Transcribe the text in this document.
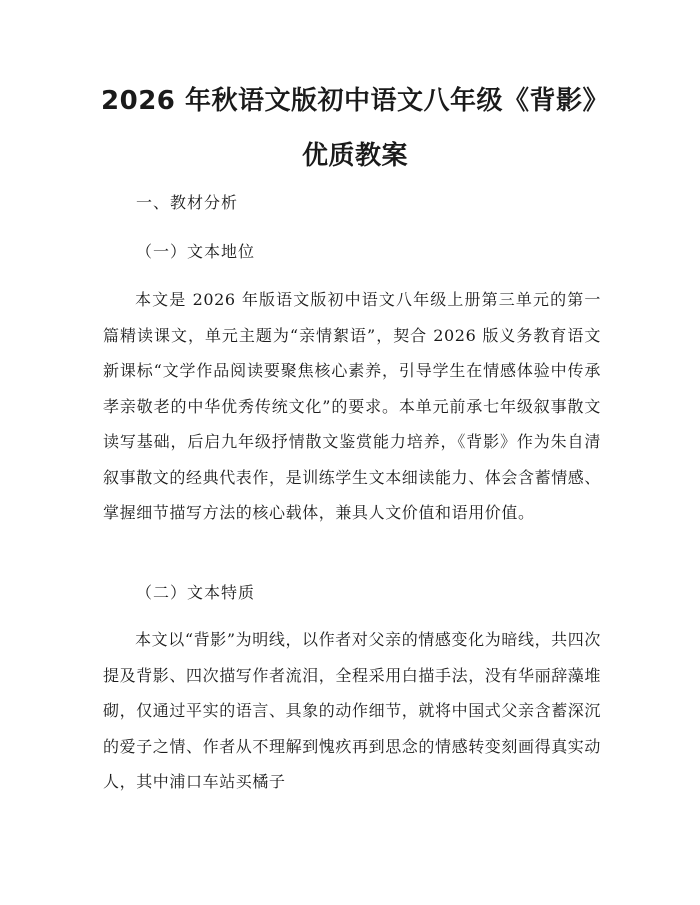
2026 年秋语文版初中语文八年级《背影》优质教案

一、教材分析

（一）文本地位

本文是 2026 年版语文版初中语文八年级上册第三单元的第一篇精读课文，单元主题为“亲情絮语”，契合 2026 版义务教育语文新课标“文学作品阅读要聚焦核心素养，引导学生在情感体验中传承孝亲敬老的中华优秀传统文化”的要求。本单元前承七年级叙事散文读写基础，后启九年级抒情散文鉴赏能力培养，《背影》作为朱自清叙事散文的经典代表作，是训练学生文本细读能力、体会含蓄情感、掌握细节描写方法的核心载体，兼具人文价值和语用价值。

（二）文本特质

本文以“背影”为明线，以作者对父亲的情感变化为暗线，共四次提及背影、四次描写作者流泪，全程采用白描手法，没有华丽辞藻堆砌，仅通过平实的语言、具象的动作细节，就将中国式父亲含蓄深沉的爱子之情、作者从不理解到愧疚再到思念的情感转变刻画得真实动人，其中浦口车站买橘子
